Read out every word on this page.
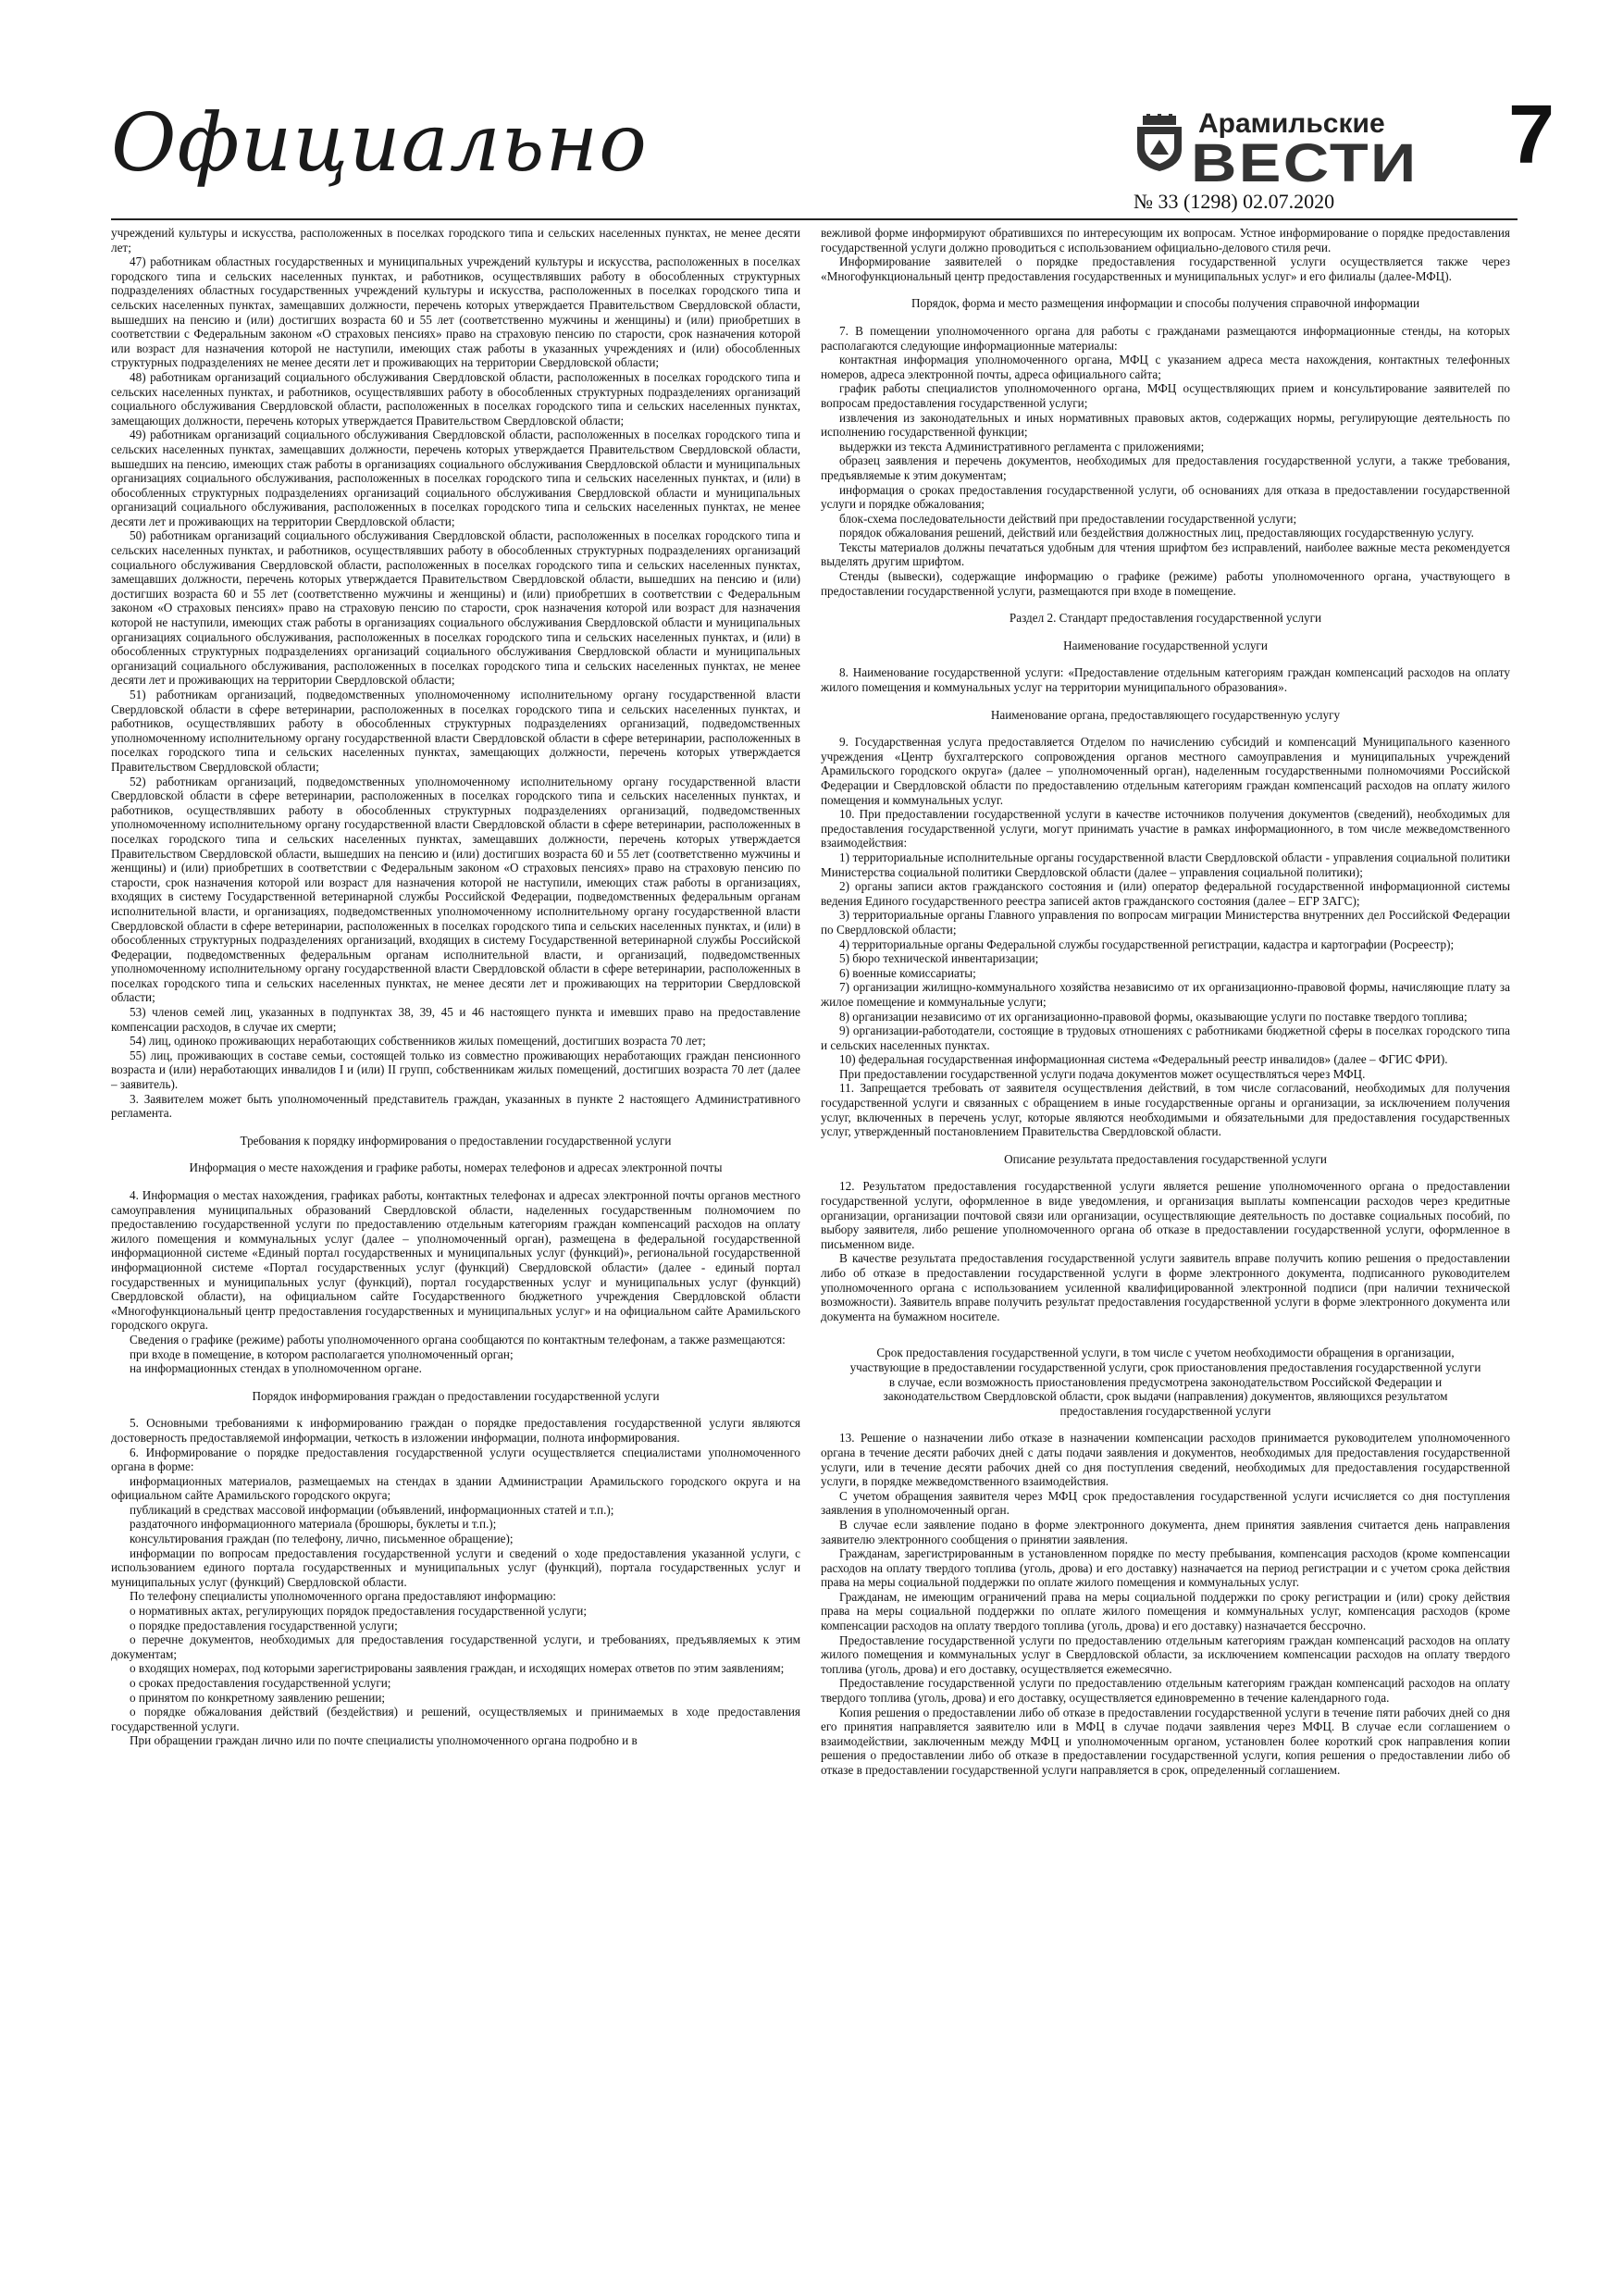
Официально	Арамильские
ВЕСТИ
№ 33 (1298) 02.07.2020
7

учреждений культуры и искусства, расположенных в поселках городского типа и сельских населенных пунктах, не менее десяти лет;

47) работникам областных государственных и муниципальных учреждений культуры и искусства, расположенных в поселках городского типа и сельских населенных пунктах, и работников, осуществлявших работу в обособленных структурных подразделениях областных государственных учреждений культуры и искусства, расположенных в поселках городского типа и сельских населенных пунктах, замещавших должности, перечень которых утверждается Правительством Свердловской области, вышедших на пенсию и (или) достигших возраста 60 и 55 лет (соответственно мужчины и женщины) и (или) приобретших в соответствии с Федеральным законом «О страховых пенсиях» право на страховую пенсию по старости, срок назначения которой или возраст для назначения которой не наступили, имеющих стаж работы в указанных учреждениях и (или) обособленных структурных подразделениях не менее десяти лет и проживающих на территории Свердловской области;

48) работникам организаций социального обслуживания Свердловской области, расположенных в поселках городского типа и сельских населенных пунктах, и работников, осуществлявших работу в обособленных структурных подразделениях организаций социального обслуживания Свердловской области, расположенных в поселках городского типа и сельских населенных пунктах, замещающих должности, перечень которых утверждается Правительством Свердловской области;

49) работникам организаций социального обслуживания Свердловской области, расположенных в поселках городского типа и сельских населенных пунктах, замещавших должности, перечень которых утверждается Правительством Свердловской области, вышедших на пенсию, имеющих стаж работы в организациях социального обслуживания Свердловской области и муниципальных организациях социального обслуживания, расположенных в поселках городского типа и сельских населенных пунктах, и (или) в обособленных структурных подразделениях организаций социального обслуживания Свердловской области и муниципальных организаций социального обслуживания, расположенных в поселках городского типа и сельских населенных пунктах, не менее десяти лет и проживающих на территории Свердловской области;

50) работникам организаций социального обслуживания Свердловской области, расположенных в поселках городского типа и сельских населенных пунктах, и работников, осуществлявших работу в обособленных структурных подразделениях организаций социального обслуживания Свердловской области, расположенных в поселках городского типа и сельских населенных пунктах, замещавших должности, перечень которых утверждается Правительством Свердловской области, вышедших на пенсию и (или) достигших возраста 60 и 55 лет (соответственно мужчины и женщины) и (или) приобретших в соответствии с Федеральным законом «О страховых пенсиях» право на страховую пенсию по старости, срок назначения которой или возраст для назначения которой не наступили, имеющих стаж работы в организациях социального обслуживания Свердловской области и муниципальных организациях социального обслуживания, расположенных в поселках городского типа и сельских населенных пунктах, и (или) в обособленных структурных подразделениях организаций социального обслуживания Свердловской области и муниципальных организаций социального обслуживания, расположенных в поселках городского типа и сельских населенных пунктах, не менее десяти лет и проживающих на территории Свердловской области;

51) работникам организаций, подведомственных уполномоченному исполнительному органу государственной власти Свердловской области в сфере ветеринарии, расположенных в поселках городского типа и сельских населенных пунктах, и работников, осуществлявших работу в обособленных структурных подразделениях организаций, подведомственных уполномоченному исполнительному органу государственной власти Свердловской области в сфере ветеринарии, расположенных в поселках городского типа и сельских населенных пунктах, замещающих должности, перечень которых утверждается Правительством Свердловской области;

52) работникам организаций, подведомственных уполномоченному исполнительному органу государственной власти Свердловской области в сфере ветеринарии, расположенных в поселках городского типа и сельских населенных пунктах, и работников, осуществлявших работу в обособленных структурных подразделениях организаций, подведомственных уполномоченному исполнительному органу государственной власти Свердловской области в сфере ветеринарии, расположенных в поселках городского типа и сельских населенных пунктах, замещавших должности, перечень которых утверждается Правительством Свердловской области, вышедших на пенсию и (или) достигших возраста 60 и 55 лет (соответственно мужчины и женщины) и (или) приобретших в соответствии с Федеральным законом «О страховых пенсиях» право на страховую пенсию по старости, срок назначения которой или возраст для назначения которой не наступили, имеющих стаж работы в организациях, входящих в систему Государственной ветеринарной службы Российской Федерации, подведомственных федеральным органам исполнительной власти, и организациях, подведомственных уполномоченному исполнительному органу государственной власти Свердловской области в сфере ветеринарии, расположенных в поселках городского типа и сельских населенных пунктах, и (или) в обособленных структурных подразделениях организаций, входящих в систему Государственной ветеринарной службы Российской Федерации, подведомственных федеральным органам исполнительной власти, и организаций, подведомственных уполномоченному исполнительному органу государственной власти Свердловской области в сфере ветеринарии, расположенных в поселках городского типа и сельских населенных пунктах, не менее десяти лет и проживающих на территории Свердловской области;

53) членов семей лиц, указанных в подпунктах 38, 39, 45 и 46 настоящего пункта и имевших право на предоставление компенсации расходов, в случае их смерти;

54) лиц, одиноко проживающих неработающих собственников жилых помещений, достигших возраста 70 лет;

55) лиц, проживающих в составе семьи, состоящей только из совместно проживающих неработающих граждан пенсионного возраста и (или) неработающих инвалидов I и (или) II групп, собственникам жилых помещений, достигших возраста 70 лет (далее – заявитель).

3. Заявителем может быть уполномоченный представитель граждан, указанных в пункте 2 настоящего Административного регламента.

Требования к порядку информирования о предоставлении государственной услуги

Информация о месте нахождения и графике работы, номерах телефонов и адресах электронной почты

4. Информация о местах нахождения, графиках работы, контактных телефонах и адресах электронной почты органов местного самоуправления муниципальных образований Свердловской области, наделенных государственным полномочием по предоставлению государственной услуги по предоставлению отдельным категориям граждан компенсаций расходов на оплату жилого помещения и коммунальных услуг (далее – уполномоченный орган), размещена в федеральной государственной информационной системе «Единый портал государственных и муниципальных услуг (функций)», региональной государственной информационной системе «Портал государственных услуг (функций) Свердловской области» (далее - единый портал государственных и муниципальных услуг (функций), портал государственных услуг и муниципальных услуг (функций) Свердловской области), на официальном сайте Государственного бюджетного учреждения Свердловской области «Многофункциональный центр предоставления государственных и муниципальных услуг» и на официальном сайте Арамильского городского округа.

Сведения о графике (режиме) работы уполномоченного органа сообщаются по контактным телефонам, а также размещаются:

при входе в помещение, в котором располагается уполномоченный орган;

на информационных стендах в уполномоченном органе.

Порядок информирования граждан о предоставлении государственной услуги

5. Основными требованиями к информированию граждан о порядке предоставления государственной услуги являются достоверность предоставляемой информации, четкость в изложении информации, полнота информирования.

6. Информирование о порядке предоставления государственной услуги осуществляется специалистами уполномоченного органа в форме:

информационных материалов, размещаемых на стендах в здании Администрации Арамильского городского округа и на официальном сайте Арамильского городского округа;

публикаций в средствах массовой информации (объявлений, информационных статей и т.п.);

раздаточного информационного материала (брошюры, буклеты и т.п.);

консультирования граждан (по телефону, лично, письменное обращение);

информации по вопросам предоставления государственной услуги и сведений о ходе предоставления указанной услуги, с использованием единого портала государственных и муниципальных услуг (функций), портала государственных услуг и муниципальных услуг (функций) Свердловской области.

По телефону специалисты уполномоченного органа предоставляют информацию:

о нормативных актах, регулирующих порядок предоставления государственной услуги;

о порядке предоставления государственной услуги;

о перечне документов, необходимых для предоставления государственной услуги, и требованиях, предъявляемых к этим документам;

о входящих номерах, под которыми зарегистрированы заявления граждан, и исходящих номерах ответов по этим заявлениям;

о сроках предоставления государственной услуги;

о принятом по конкретному заявлению решении;

о порядке обжалования действий (бездействия) и решений, осуществляемых и принимаемых в ходе предоставления государственной услуги.

При обращении граждан лично или по почте специалисты уполномоченного органа подробно и в

вежливой форме информируют обратившихся по интересующим их вопросам. Устное информирование о порядке предоставления государственной услуги должно проводиться с использованием официально-делового стиля речи.

Информирование заявителей о порядке предоставления государственной услуги осуществляется также через «Многофункциональный центр предоставления государственных и муниципальных услуг» и его филиалы (далее-МФЦ).

Порядок, форма и место размещения информации и способы получения справочной информации

7. В помещении уполномоченного органа для работы с гражданами размещаются информационные стенды, на которых располагаются следующие информационные материалы:

контактная информация уполномоченного органа, МФЦ с указанием адреса места нахождения, контактных телефонных номеров, адреса электронной почты, адреса официального сайта;

график работы специалистов уполномоченного органа, МФЦ осуществляющих прием и консультирование заявителей по вопросам предоставления государственной услуги;

извлечения из законодательных и иных нормативных правовых актов, содержащих нормы, регулирующие деятельность по исполнению государственной функции;

выдержки из текста Административного регламента с приложениями;

образец заявления и перечень документов, необходимых для предоставления государственной услуги, а также требования, предъявляемые к этим документам;

информация о сроках предоставления государственной услуги, об основаниях для отказа в предоставлении государственной услуги и порядке обжалования;

блок-схема последовательности действий при предоставлении государственной услуги;

порядок обжалования решений, действий или бездействия должностных лиц, предоставляющих государственную услугу.

Тексты материалов должны печататься удобным для чтения шрифтом без исправлений, наиболее важные места рекомендуется выделять другим шрифтом.

Стенды (вывески), содержащие информацию о графике (режиме) работы уполномоченного органа, участвующего в предоставлении государственной услуги, размещаются при входе в помещение.

Раздел 2. Стандарт предоставления государственной услуги

Наименование государственной услуги

8. Наименование государственной услуги: «Предоставление отдельным категориям граждан компенсаций расходов на оплату жилого помещения и коммунальных услуг на территории муниципального образования».

Наименование органа, предоставляющего государственную услугу

9. Государственная услуга предоставляется Отделом по начислению субсидий и компенсаций Муниципального казенного учреждения «Центр бухгалтерского сопровождения органов местного самоуправления и муниципальных учреждений Арамильского городского округа» (далее – уполномоченный орган), наделенным государственными полномочиями Российской Федерации и Свердловской области по предоставлению отдельным категориям граждан компенсаций расходов на оплату жилого помещения и коммунальных услуг.

10. При предоставлении государственной услуги в качестве источников получения документов (сведений), необходимых для предоставления государственной услуги, могут принимать участие в рамках информационного, в том числе межведомственного взаимодействия:

1) территориальные исполнительные органы государственной власти Свердловской области - управления социальной политики Министерства социальной политики Свердловской области (далее – управления социальной политики);

2) органы записи актов гражданского состояния и (или) оператор федеральной государственной информационной системы ведения Единого государственного реестра записей актов гражданского состояния (далее – ЕГР ЗАГС);

3) территориальные органы Главного управления по вопросам миграции Министерства внутренних дел Российской Федерации по Свердловской области;

4) территориальные органы Федеральной службы государственной регистрации, кадастра и картографии (Росреестр);

5) бюро технической инвентаризации;

6) военные комиссариаты;

7) организации жилищно-коммунального хозяйства независимо от их организационно-правовой формы, начисляющие плату за жилое помещение и коммунальные услуги;

8) организации независимо от их организационно-правовой формы, оказывающие услуги по поставке твердого топлива;

9) организации-работодатели, состоящие в трудовых отношениях с работниками бюджетной сферы в поселках городского типа и сельских населенных пунктах.

10) федеральная государственная информационная система «Федеральный реестр инвалидов» (далее – ФГИС ФРИ).

При предоставлении государственной услуги подача документов может осуществляться через МФЦ.

11. Запрещается требовать от заявителя осуществления действий, в том числе согласований, необходимых для получения государственной услуги и связанных с обращением в иные государственные органы и организации, за исключением получения услуг, включенных в перечень услуг, которые являются необходимыми и обязательными для предоставления государственных услуг, утвержденный постановлением Правительства Свердловской области.

Описание результата предоставления государственной услуги

12. Результатом предоставления государственной услуги является решение уполномоченного органа о предоставлении государственной услуги, оформленное в виде уведомления, и организация выплаты компенсации расходов через кредитные организации, организации почтовой связи или организации, осуществляющие деятельность по доставке социальных пособий, по выбору заявителя, либо решение уполномоченного органа об отказе в предоставлении государственной услуги, оформленное в письменном виде.

В качестве результата предоставления государственной услуги заявитель вправе получить копию решения о предоставлении либо об отказе в предоставлении государственной услуги в форме электронного документа, подписанного руководителем уполномоченного органа с использованием усиленной квалифицированной электронной подписи (при наличии технической возможности). Заявитель вправе получить результат предоставления государственной услуги в форме электронного документа или документа на бумажном носителе.

Срок предоставления государственной услуги, в том числе с учетом необходимости обращения в организации, участвующие в предоставлении государственной услуги, срок приостановления предоставления государственной услуги в случае, если возможность приостановления предусмотрена законодательством Российской Федерации и законодательством Свердловской области, срок выдачи (направления) документов, являющихся результатом предоставления государственной услуги

13. Решение о назначении либо отказе в назначении компенсации расходов принимается руководителем уполномоченного органа в течение десяти рабочих дней с даты подачи заявления и документов, необходимых для предоставления государственной услуги, или в течение десяти рабочих дней со дня поступления сведений, необходимых для предоставления государственной услуги, в порядке межведомственного взаимодействия.

С учетом обращения заявителя через МФЦ срок предоставления государственной услуги исчисляется со дня поступления заявления в уполномоченный орган.

В случае если заявление подано в форме электронного документа, днем принятия заявления считается день направления заявителю электронного сообщения о принятии заявления.

Гражданам, зарегистрированным в установленном порядке по месту пребывания, компенсация расходов (кроме компенсации расходов на оплату твердого топлива (уголь, дрова) и его доставку) назначается на период регистрации и с учетом срока действия права на меры социальной поддержки по оплате жилого помещения и коммунальных услуг.

Гражданам, не имеющим ограничений права на меры социальной поддержки по сроку регистрации и (или) сроку действия права на меры социальной поддержки по оплате жилого помещения и коммунальных услуг, компенсация расходов (кроме компенсации расходов на оплату твердого топлива (уголь, дрова) и его доставку) назначается бессрочно.

Предоставление государственной услуги по предоставлению отдельным категориям граждан компенсаций расходов на оплату жилого помещения и коммунальных услуг в Свердловской области, за исключением компенсации расходов на оплату твердого топлива (уголь, дрова) и его доставку, осуществляется ежемесячно.

Предоставление государственной услуги по предоставлению отдельным категориям граждан компенсаций расходов на оплату твердого топлива (уголь, дрова) и его доставку, осуществляется единовременно в течение календарного года.

Копия решения о предоставлении либо об отказе в предоставлении государственной услуги в течение пяти рабочих дней со дня его принятия направляется заявителю или в МФЦ в случае подачи заявления через МФЦ. В случае если соглашением о взаимодействии, заключенным между МФЦ и уполномоченным органом, установлен более короткий срок направления копии решения о предоставлении либо об отказе в предоставлении государственной услуги, копия решения о предоставлении либо об отказе в предоставлении государственной услуги направляется в срок, определенный соглашением.
